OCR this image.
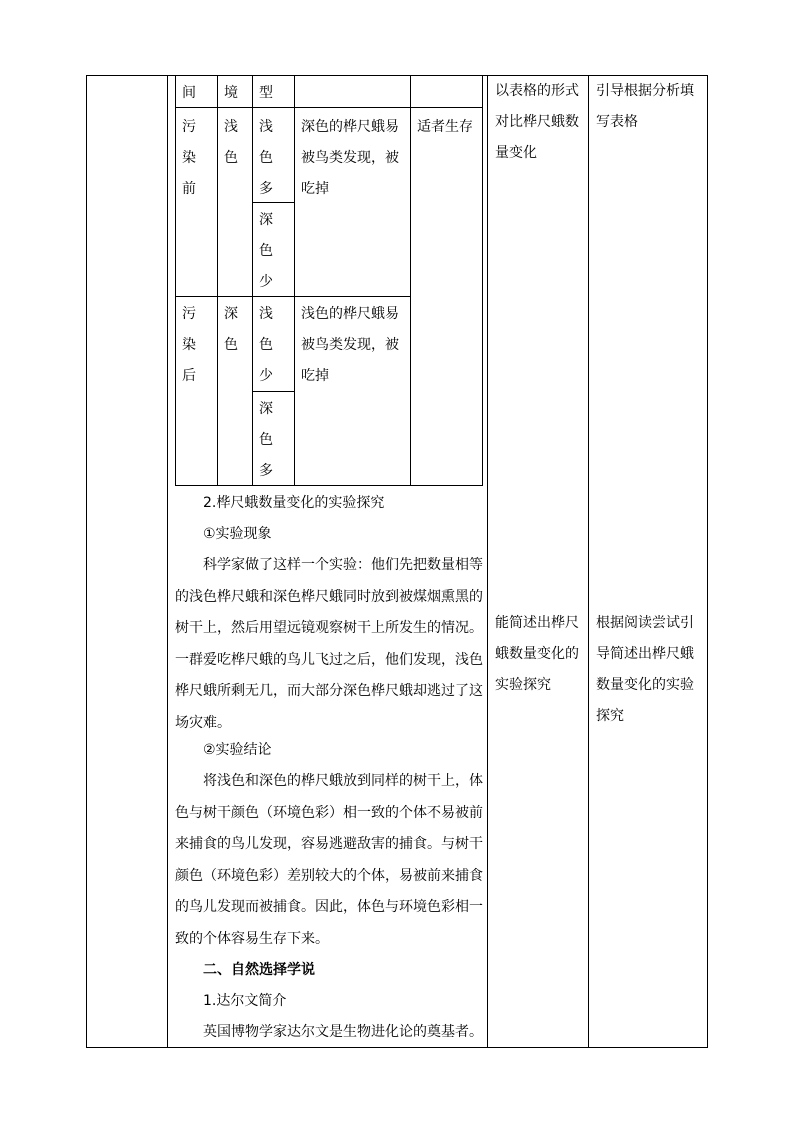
间 境 型
污染前
浅色
浅色多
深色少
深色的桦尺蛾易被鸟类发现，被吃掉
适者生存
污染后
深色
浅色少
深色多
浅色的桦尺蛾易被鸟类发现，被吃掉
2.桦尺蛾数量变化的实验探究
①实验现象
科学家做了这样一个实验：他们先把数量相等的浅色桦尺蛾和深色桦尺蛾同时放到被煤烟熏黑的树干上，然后用望远镜观察树干上所发生的情况。一群爱吃桦尺蛾的鸟儿飞过之后，他们发现，浅色桦尺蛾所剩无几，而大部分深色桦尺蛾却逃过了这场灾难。
②实验结论
将浅色和深色的桦尺蛾放到同样的树干上，体色与树干颜色（环境色彩）相一致的个体不易被前来捕食的鸟儿发现，容易逃避敌害的捕食。与树干颜色（环境色彩）差别较大的个体，易被前来捕食的鸟儿发现而被捕食。因此，体色与环境色彩相一致的个体容易生存下来。
二、自然选择学说
1.达尔文简介
英国博物学家达尔文是生物进化论的奠基者。
以表格的形式对比桦尺蛾数量变化
能简述出桦尺蛾数量变化的实验探究
引导根据分析填写表格
根据阅读尝试引导简述出桦尺蛾数量变化的实验探究
